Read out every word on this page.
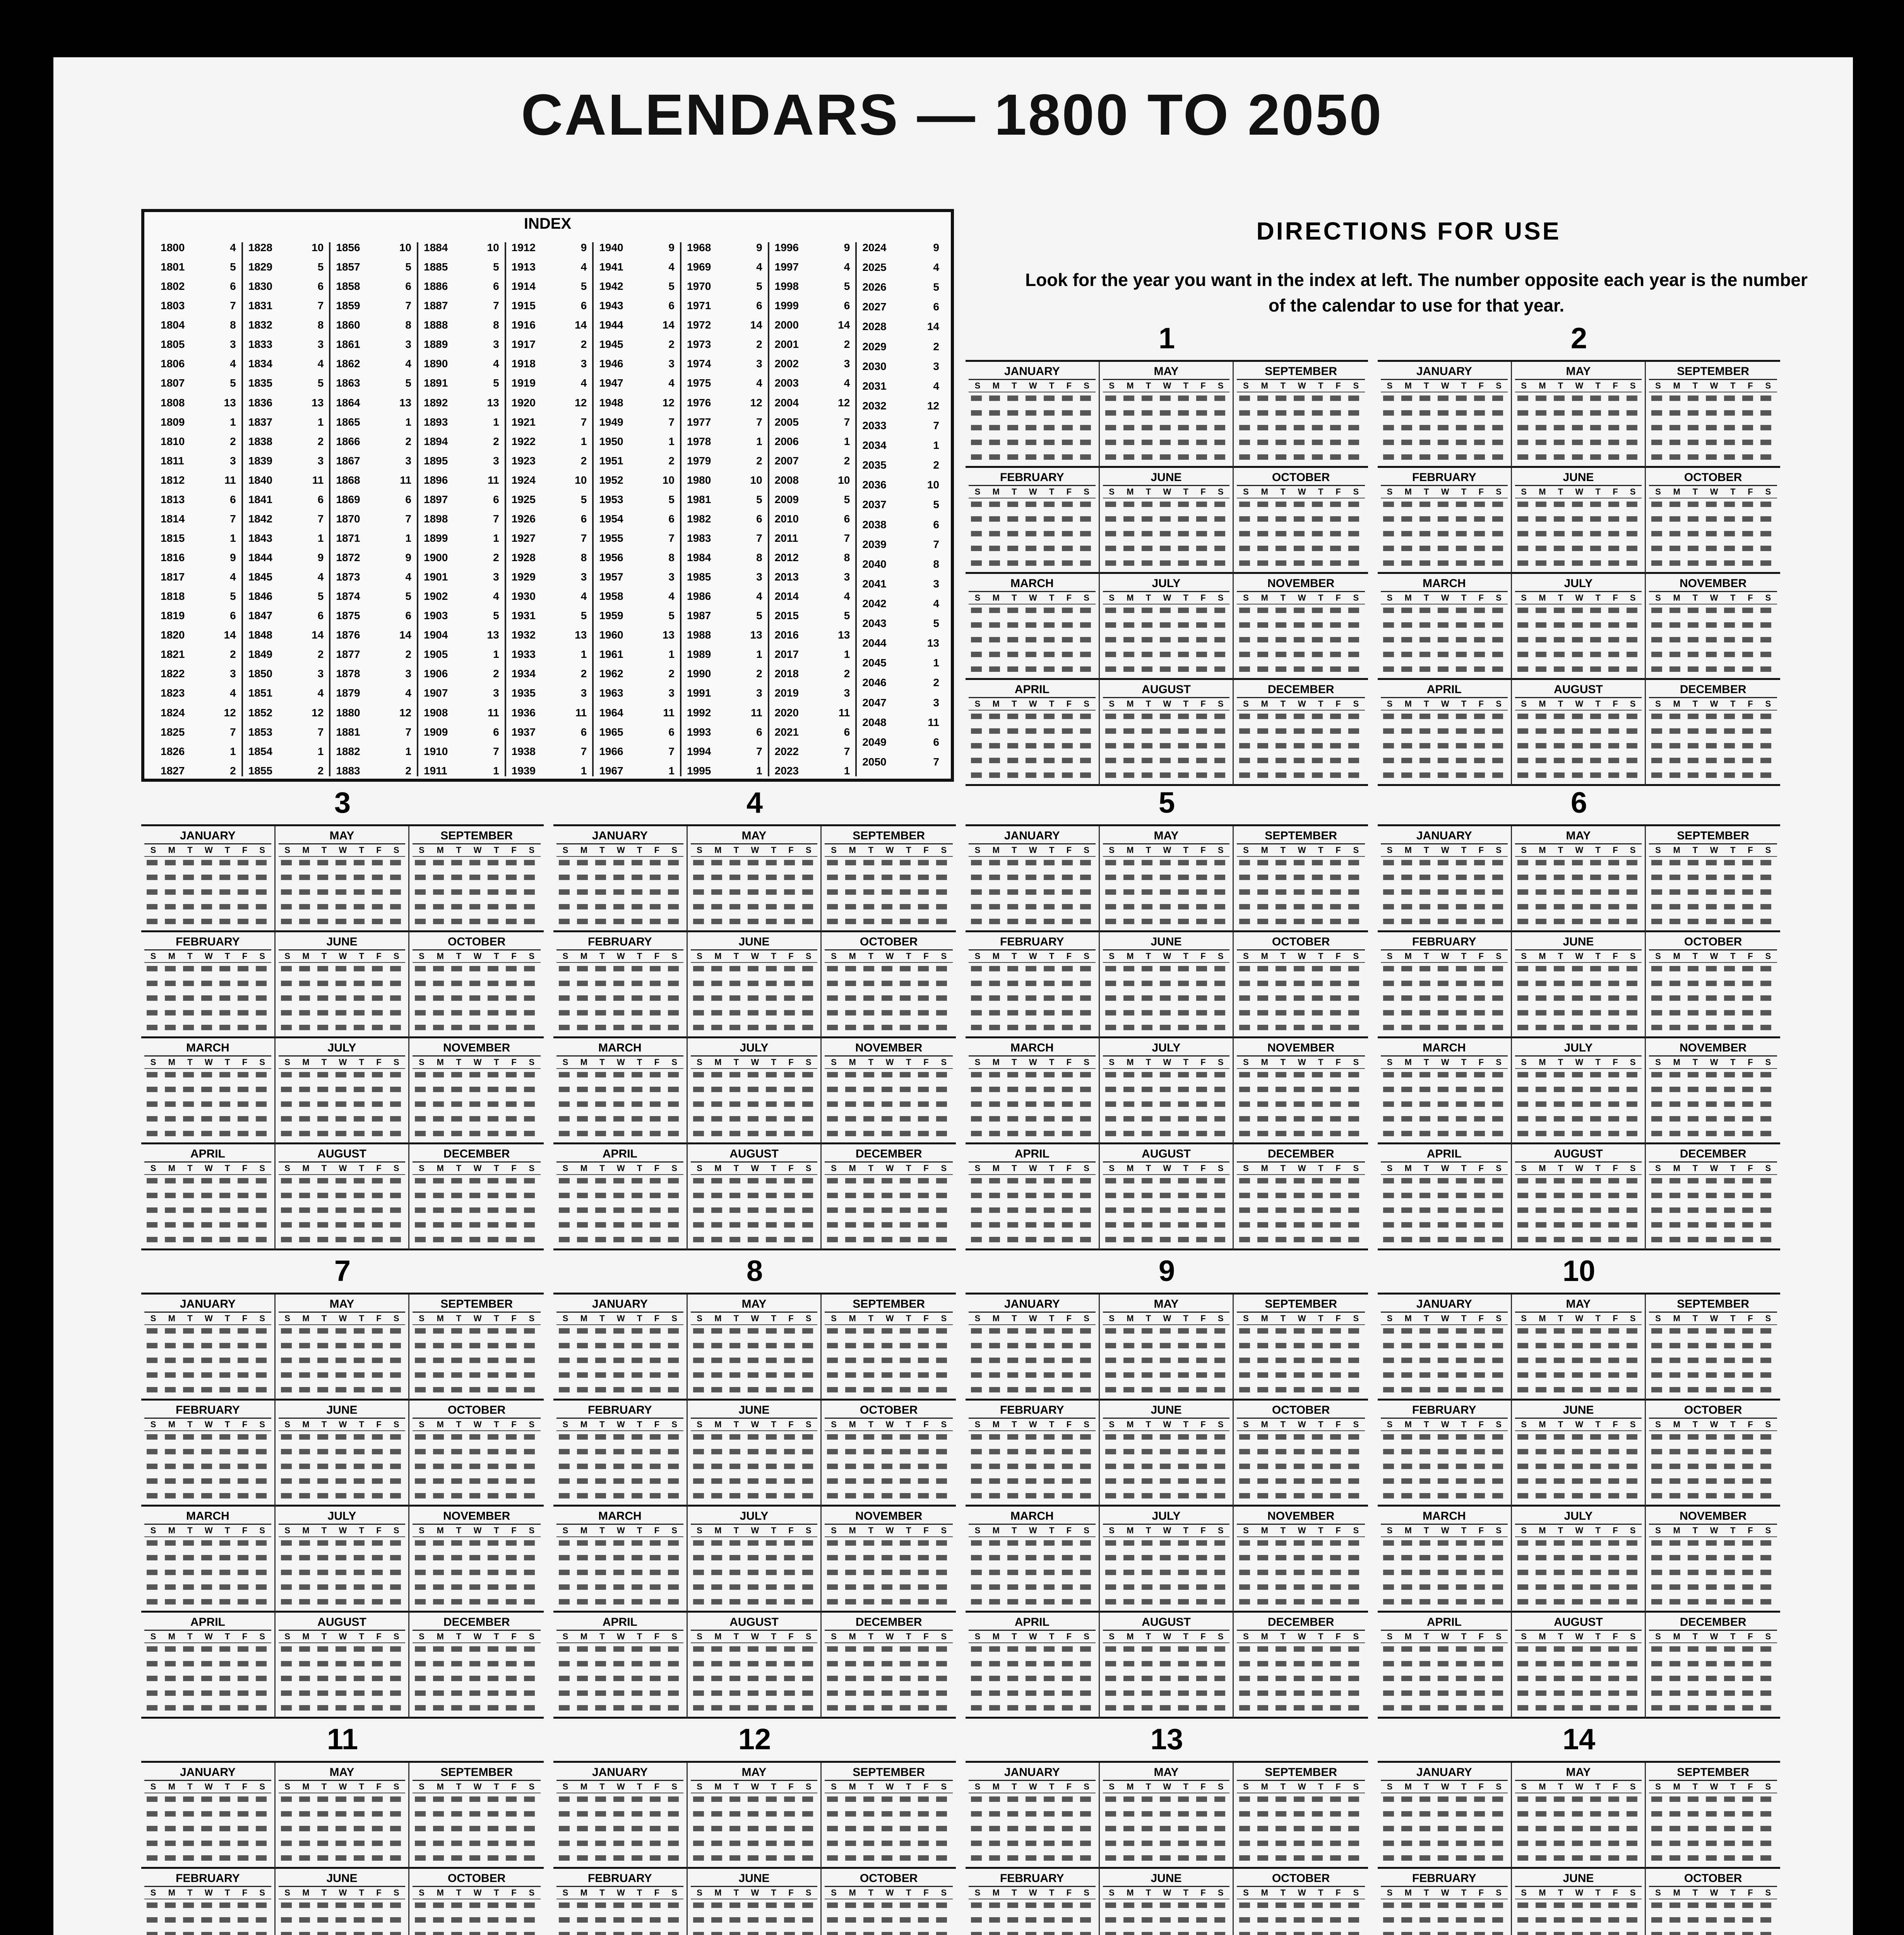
CALENDARS — 1800 TO 2050
INDEX
1800	4
1801	5
1802	6
1803	7
1804	8
1805	3
1806	4
1807	5
1808	13
1809	1
1810	2
1811	3
1812	11
1813	6
1814	7
1815	1
1816	9
1817	4
1818	5
1819	6
1820	14
1821	2
1822	3
1823	4
1824	12
1825	7
1826	1
1827	2
1828	10
1829	5
1830	6
1831	7
1832	8
1833	3
1834	4
1835	5
1836	13
1837	1
1838	2
1839	3
1840	11
1841	6
1842	7
1843	1
1844	9
1845	4
1846	5
1847	6
1848	14
1849	2
1850	3
1851	4
1852	12
1853	7
1854	1
1855	2
1856	10
1857	5
1858	6
1859	7
1860	8
1861	3
1862	4
1863	5
1864	13
1865	1
1866	2
1867	3
1868	11
1869	6
1870	7
1871	1
1872	9
1873	4
1874	5
1875	6
1876	14
1877	2
1878	3
1879	4
1880	12
1881	7
1882	1
1883	2
1884	10
1885	5
1886	6
1887	7
1888	8
1889	3
1890	4
1891	5
1892	13
1893	1
1894	2
1895	3
1896	11
1897	6
1898	7
1899	1
1900	2
1901	3
1902	4
1903	5
1904	13
1905	1
1906	2
1907	3
1908	11
1909	6
1910	7
1911	1
1912	9
1913	4
1914	5
1915	6
1916	14
1917	2
1918	3
1919	4
1920	12
1921	7
1922	1
1923	2
1924	10
1925	5
1926	6
1927	7
1928	8
1929	3
1930	4
1931	5
1932	13
1933	1
1934	2
1935	3
1936	11
1937	6
1938	7
1939	1
1940	9
1941	4
1942	5
1943	6
1944	14
1945	2
1946	3
1947	4
1948	12
1949	7
1950	1
1951	2
1952	10
1953	5
1954	6
1955	7
1956	8
1957	3
1958	4
1959	5
1960	13
1961	1
1962	2
1963	3
1964	11
1965	6
1966	7
1967	1
1968	9
1969	4
1970	5
1971	6
1972	14
1973	2
1974	3
1975	4
1976	12
1977	7
1978	1
1979	2
1980	10
1981	5
1982	6
1983	7
1984	8
1985	3
1986	4
1987	5
1988	13
1989	1
1990	2
1991	3
1992	11
1993	6
1994	7
1995	1
1996	9
1997	4
1998	5
1999	6
2000	14
2001	2
2002	3
2003	4
2004	12
2005	7
2006	1
2007	2
2008	10
2009	5
2010	6
2011	7
2012	8
2013	3
2014	4
2015	5
2016	13
2017	1
2018	2
2019	3
2020	11
2021	6
2022	7
2023	1
2024	9
2025	4
2026	5
2027	6
2028	14
2029	2
2030	3
2031	4
2032	12
2033	7
2034	1
2035	2
2036	10
2037	5
2038	6
2039	7
2040	8
2041	3
2042	4
2043	5
2044	13
2045	1
2046	2
2047	3
2048	11
2049	6
2050	7
DIRECTIONS FOR USE
Look for the year you want in the index at left. The number opposite each year is the number of the calendar to use for that year.
1
JANUARY
S M T W T F S
MAY
S M T W T F S
SEPTEMBER
S M T W T F S
FEBRUARY
S M T W T F S
JUNE
S M T W T F S
OCTOBER
S M T W T F S
MARCH
S M T W T F S
JULY
S M T W T F S
NOVEMBER
S M T W T F S
APRIL
S M T W T F S
AUGUST
S M T W T F S
DECEMBER
S M T W T F S
2
JANUARY
S M T W T F S
MAY
S M T W T F S
SEPTEMBER
S M T W T F S
FEBRUARY
S M T W T F S
JUNE
S M T W T F S
OCTOBER
S M T W T F S
MARCH
S M T W T F S
JULY
S M T W T F S
NOVEMBER
S M T W T F S
APRIL
S M T W T F S
AUGUST
S M T W T F S
DECEMBER
S M T W T F S
3
JANUARY
S M T W T F S
MAY
S M T W T F S
SEPTEMBER
S M T W T F S
FEBRUARY
S M T W T F S
JUNE
S M T W T F S
OCTOBER
S M T W T F S
MARCH
S M T W T F S
JULY
S M T W T F S
NOVEMBER
S M T W T F S
APRIL
S M T W T F S
AUGUST
S M T W T F S
DECEMBER
S M T W T F S
4
JANUARY
S M T W T F S
MAY
S M T W T F S
SEPTEMBER
S M T W T F S
FEBRUARY
S M T W T F S
JUNE
S M T W T F S
OCTOBER
S M T W T F S
MARCH
S M T W T F S
JULY
S M T W T F S
NOVEMBER
S M T W T F S
APRIL
S M T W T F S
AUGUST
S M T W T F S
DECEMBER
S M T W T F S
5
JANUARY
S M T W T F S
MAY
S M T W T F S
SEPTEMBER
S M T W T F S
FEBRUARY
S M T W T F S
JUNE
S M T W T F S
OCTOBER
S M T W T F S
MARCH
S M T W T F S
JULY
S M T W T F S
NOVEMBER
S M T W T F S
APRIL
S M T W T F S
AUGUST
S M T W T F S
DECEMBER
S M T W T F S
6
JANUARY
S M T W T F S
MAY
S M T W T F S
SEPTEMBER
S M T W T F S
FEBRUARY
S M T W T F S
JUNE
S M T W T F S
OCTOBER
S M T W T F S
MARCH
S M T W T F S
JULY
S M T W T F S
NOVEMBER
S M T W T F S
APRIL
S M T W T F S
AUGUST
S M T W T F S
DECEMBER
S M T W T F S
7
JANUARY
S M T W T F S
MAY
S M T W T F S
SEPTEMBER
S M T W T F S
FEBRUARY
S M T W T F S
JUNE
S M T W T F S
OCTOBER
S M T W T F S
MARCH
S M T W T F S
JULY
S M T W T F S
NOVEMBER
S M T W T F S
APRIL
S M T W T F S
AUGUST
S M T W T F S
DECEMBER
S M T W T F S
8
JANUARY
S M T W T F S
MAY
S M T W T F S
SEPTEMBER
S M T W T F S
FEBRUARY
S M T W T F S
JUNE
S M T W T F S
OCTOBER
S M T W T F S
MARCH
S M T W T F S
JULY
S M T W T F S
NOVEMBER
S M T W T F S
APRIL
S M T W T F S
AUGUST
S M T W T F S
DECEMBER
S M T W T F S
9
JANUARY
S M T W T F S
MAY
S M T W T F S
SEPTEMBER
S M T W T F S
FEBRUARY
S M T W T F S
JUNE
S M T W T F S
OCTOBER
S M T W T F S
MARCH
S M T W T F S
JULY
S M T W T F S
NOVEMBER
S M T W T F S
APRIL
S M T W T F S
AUGUST
S M T W T F S
DECEMBER
S M T W T F S
10
JANUARY
S M T W T F S
MAY
S M T W T F S
SEPTEMBER
S M T W T F S
FEBRUARY
S M T W T F S
JUNE
S M T W T F S
OCTOBER
S M T W T F S
MARCH
S M T W T F S
JULY
S M T W T F S
NOVEMBER
S M T W T F S
APRIL
S M T W T F S
AUGUST
S M T W T F S
DECEMBER
S M T W T F S
11
JANUARY
S M T W T F S
MAY
S M T W T F S
SEPTEMBER
S M T W T F S
FEBRUARY
S M T W T F S
JUNE
S M T W T F S
OCTOBER
S M T W T F S
12
JANUARY
S M T W T F S
MAY
S M T W T F S
SEPTEMBER
S M T W T F S
FEBRUARY
S M T W T F S
JUNE
S M T W T F S
OCTOBER
S M T W T F S
13
JANUARY
S M T W T F S
MAY
S M T W T F S
SEPTEMBER
S M T W T F S
FEBRUARY
S M T W T F S
JUNE
S M T W T F S
OCTOBER
S M T W T F S
14
JANUARY
S M T W T F S
MAY
S M T W T F S
SEPTEMBER
S M T W T F S
FEBRUARY
S M T W T F S
JUNE
S M T W T F S
OCTOBER
S M T W T F S
